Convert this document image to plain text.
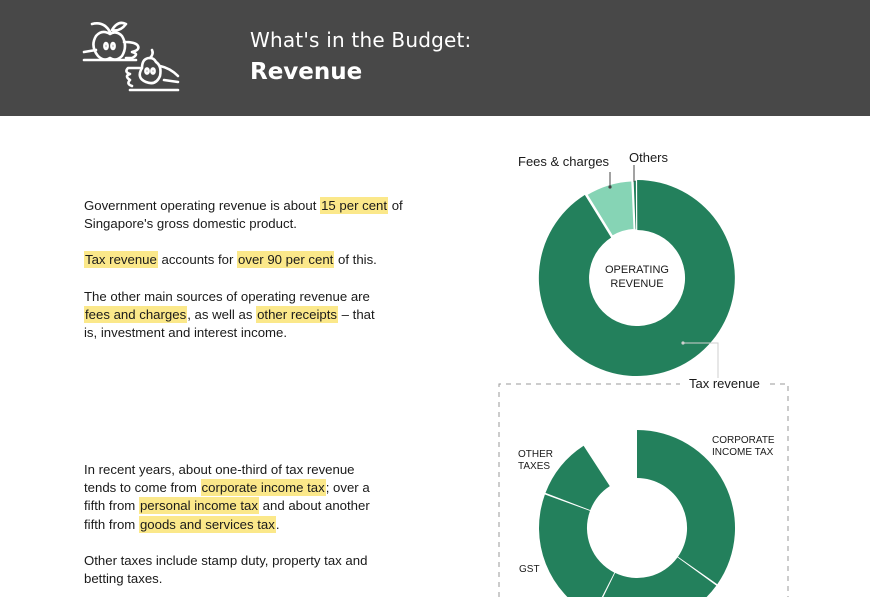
What's in the Budget:
Revenue

Government operating revenue is about 15 per cent of Singapore's gross domestic product.

Tax revenue accounts for over 90 per cent of this.

The other main sources of operating revenue are fees and charges, as well as other receipts – that is, investment and interest income.

In recent years, about one-third of tax revenue tends to come from corporate income tax; over a fifth from personal income tax and about another fifth from goods and services tax.

Other taxes include stamp duty, property tax and betting taxes.

Fees & charges Others
OPERATING
REVENUE
Tax revenue
CORPORATE
INCOME TAX
OTHER
TAXES
GST
